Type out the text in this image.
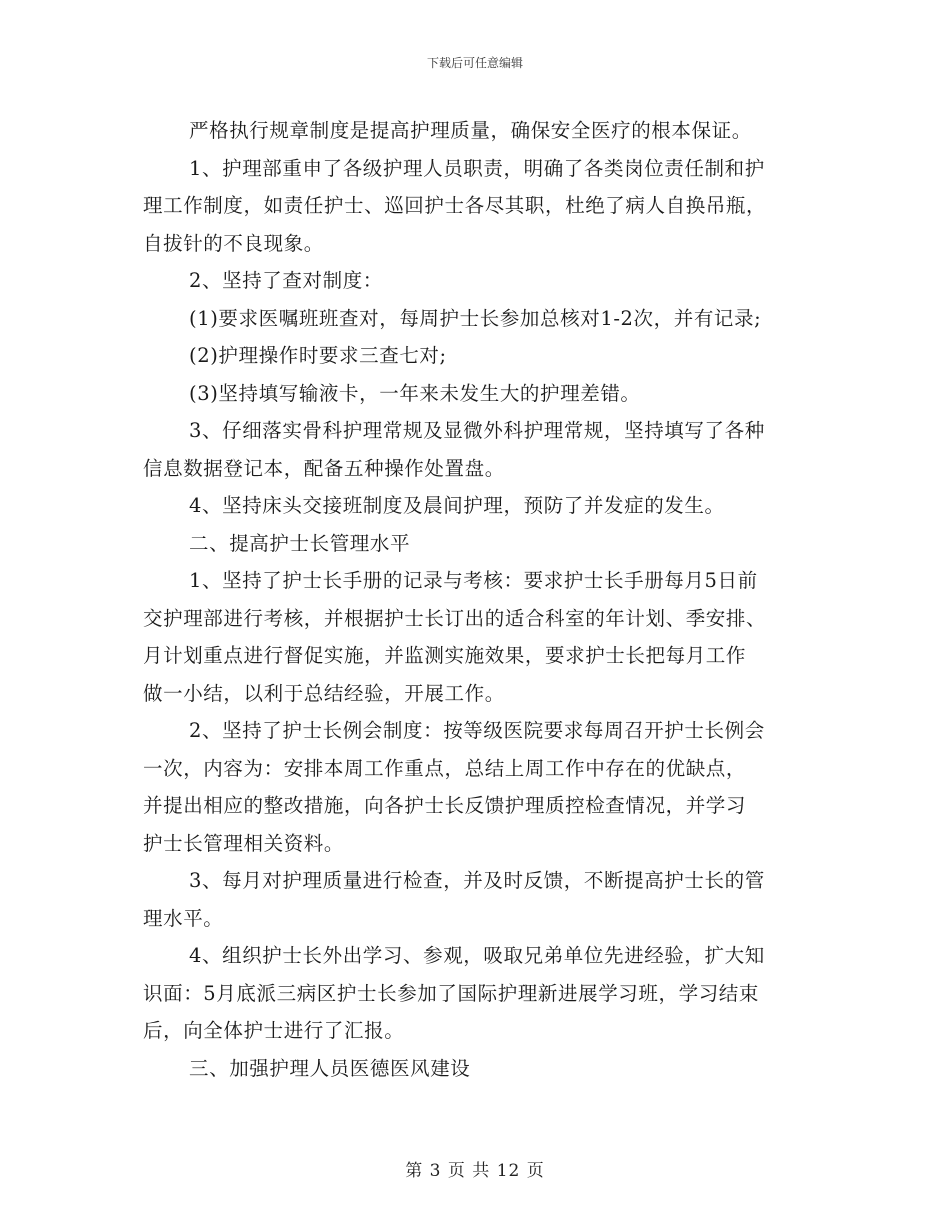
下载后可任意编辑
严格执行规章制度是提高护理质量，确保安全医疗的根本保证。
1、护理部重申了各级护理人员职责，明确了各类岗位责任制和护
理工作制度，如责任护士、巡回护士各尽其职，杜绝了病人自换吊瓶，
自拔针的不良现象。
2、坚持了查对制度：
(1)要求医嘱班班查对，每周护士长参加总核对1-2次，并有记录;
(2)护理操作时要求三查七对;
(3)坚持填写输液卡，一年来未发生大的护理差错。
3、仔细落实骨科护理常规及显微外科护理常规，坚持填写了各种
信息数据登记本，配备五种操作处置盘。
4、坚持床头交接班制度及晨间护理，预防了并发症的发生。
二、提高护士长管理水平
1、坚持了护士长手册的记录与考核：要求护士长手册每月5日前
交护理部进行考核，并根据护士长订出的适合科室的年计划、季安排、
月计划重点进行督促实施，并监测实施效果，要求护士长把每月工作
做一小结，以利于总结经验，开展工作。
2、坚持了护士长例会制度：按等级医院要求每周召开护士长例会
一次，内容为：安排本周工作重点，总结上周工作中存在的优缺点，
并提出相应的整改措施，向各护士长反馈护理质控检查情况，并学习
护士长管理相关资料。
3、每月对护理质量进行检查，并及时反馈，不断提高护士长的管
理水平。
4、组织护士长外出学习、参观，吸取兄弟单位先进经验，扩大知
识面：5月底派三病区护士长参加了国际护理新进展学习班，学习结束
后，向全体护士进行了汇报。
三、加强护理人员医德医风建设
第 3 页 共 12 页
